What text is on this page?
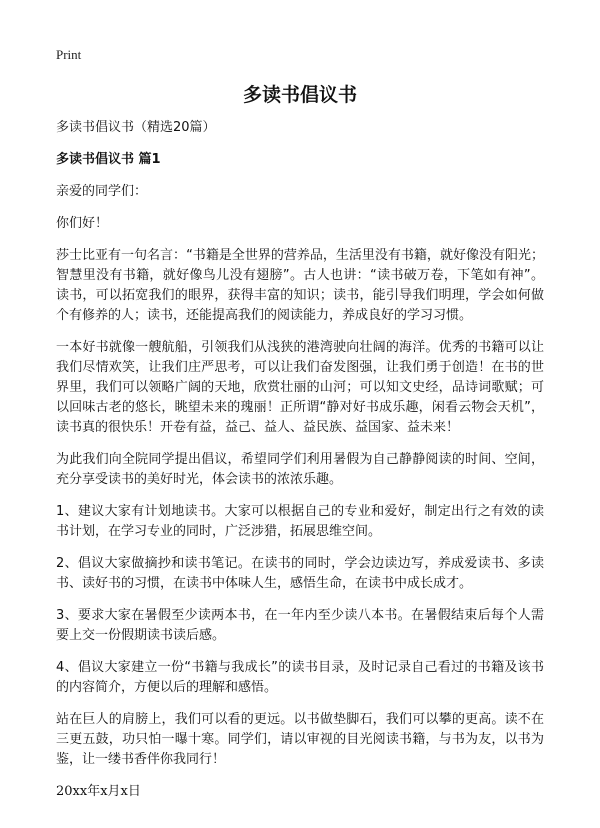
Print
多读书倡议书

多读书倡议书（精选20篇）

多读书倡议书 篇1

亲爱的同学们：

你们好！

莎士比亚有一句名言：“书籍是全世界的营养品，生活里没有书籍，就好像没有阳光；智慧里没有书籍，就好像鸟儿没有翅膀”。古人也讲：“读书破万卷，下笔如有神”。读书，可以拓宽我们的眼界，获得丰富的知识；读书，能引导我们明理，学会如何做个有修养的人；读书，还能提高我们的阅读能力，养成良好的学习习惯。

一本好书就像一艘航船，引领我们从浅狭的港湾驶向壮阔的海洋。优秀的书籍可以让我们尽情欢笑，让我们庄严思考，可以让我们奋发图强，让我们勇于创造！在书的世界里，我们可以领略广阔的天地，欣赏壮丽的山河；可以知文史经，品诗词歌赋；可以回味古老的悠长，眺望未来的瑰丽！正所谓“静对好书成乐趣，闲看云物会天机”，读书真的很快乐！开卷有益，益己、益人、益民族、益国家、益未来！

为此我们向全院同学提出倡议，希望同学们利用暑假为自己静静阅读的时间、空间，充分享受读书的美好时光，体会读书的浓浓乐趣。

1、建议大家有计划地读书。大家可以根据自己的专业和爱好，制定出行之有效的读书计划，在学习专业的同时，广泛涉猎，拓展思维空间。

2、倡议大家做摘抄和读书笔记。在读书的同时，学会边读边写，养成爱读书、多读书、读好书的习惯，在读书中体味人生，感悟生命，在读书中成长成才。

3、要求大家在暑假至少读两本书，在一年内至少读八本书。在暑假结束后每个人需要上交一份假期读书读后感。

4、倡议大家建立一份“书籍与我成长”的读书目录，及时记录自己看过的书籍及该书的内容简介，方便以后的理解和感悟。

站在巨人的肩膀上，我们可以看的更远。以书做垫脚石，我们可以攀的更高。读不在三更五鼓，功只怕一曝十寒。同学们，请以审视的目光阅读书籍，与书为友，以书为鉴，让一缕书香伴你我同行！

20xx年x月x日
